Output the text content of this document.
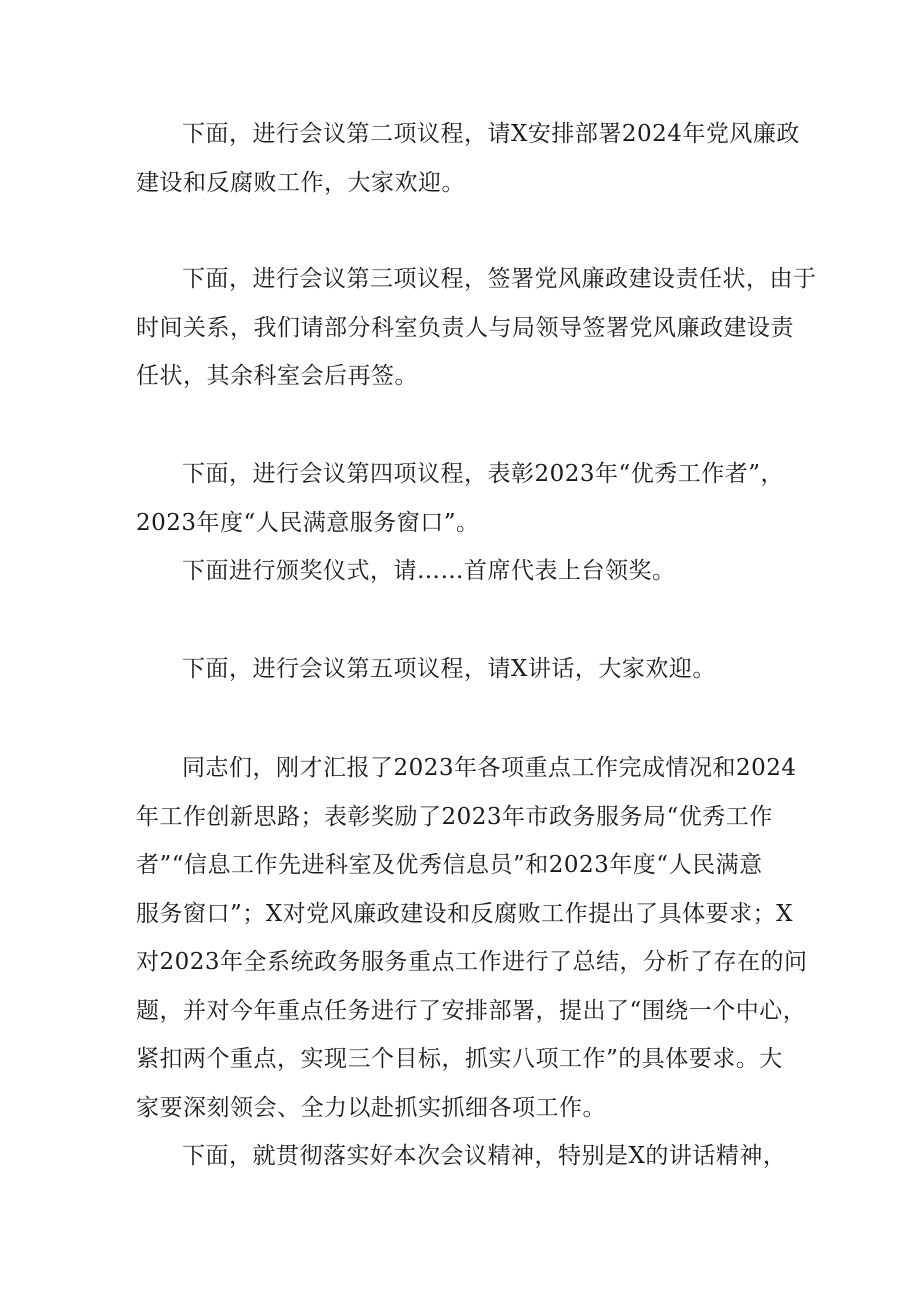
下面，进行会议第二项议程，请X安排部署2024年党风廉政
建设和反腐败工作，大家欢迎。

下面，进行会议第三项议程，签署党风廉政建设责任状，由于
时间关系，我们请部分科室负责人与局领导签署党风廉政建设责
任状，其余科室会后再签。

下面，进行会议第四项议程，表彰2023年“优秀工作者”，
2023年度“人民满意服务窗口”。

下面进行颁奖仪式，请……首席代表上台领奖。

下面，进行会议第五项议程，请X讲话，大家欢迎。

同志们，刚才汇报了2023年各项重点工作完成情况和2024
年工作创新思路；表彰奖励了2023年市政务服务局“优秀工作
者”“信息工作先进科室及优秀信息员”和2023年度“人民满意
服务窗口”；X对党风廉政建设和反腐败工作提出了具体要求；X
对2023年全系统政务服务重点工作进行了总结，分析了存在的问
题，并对今年重点任务进行了安排部署，提出了“围绕一个中心，
紧扣两个重点，实现三个目标，抓实八项工作”的具体要求。大
家要深刻领会、全力以赴抓实抓细各项工作。

下面，就贯彻落实好本次会议精神，特别是X的讲话精神，
